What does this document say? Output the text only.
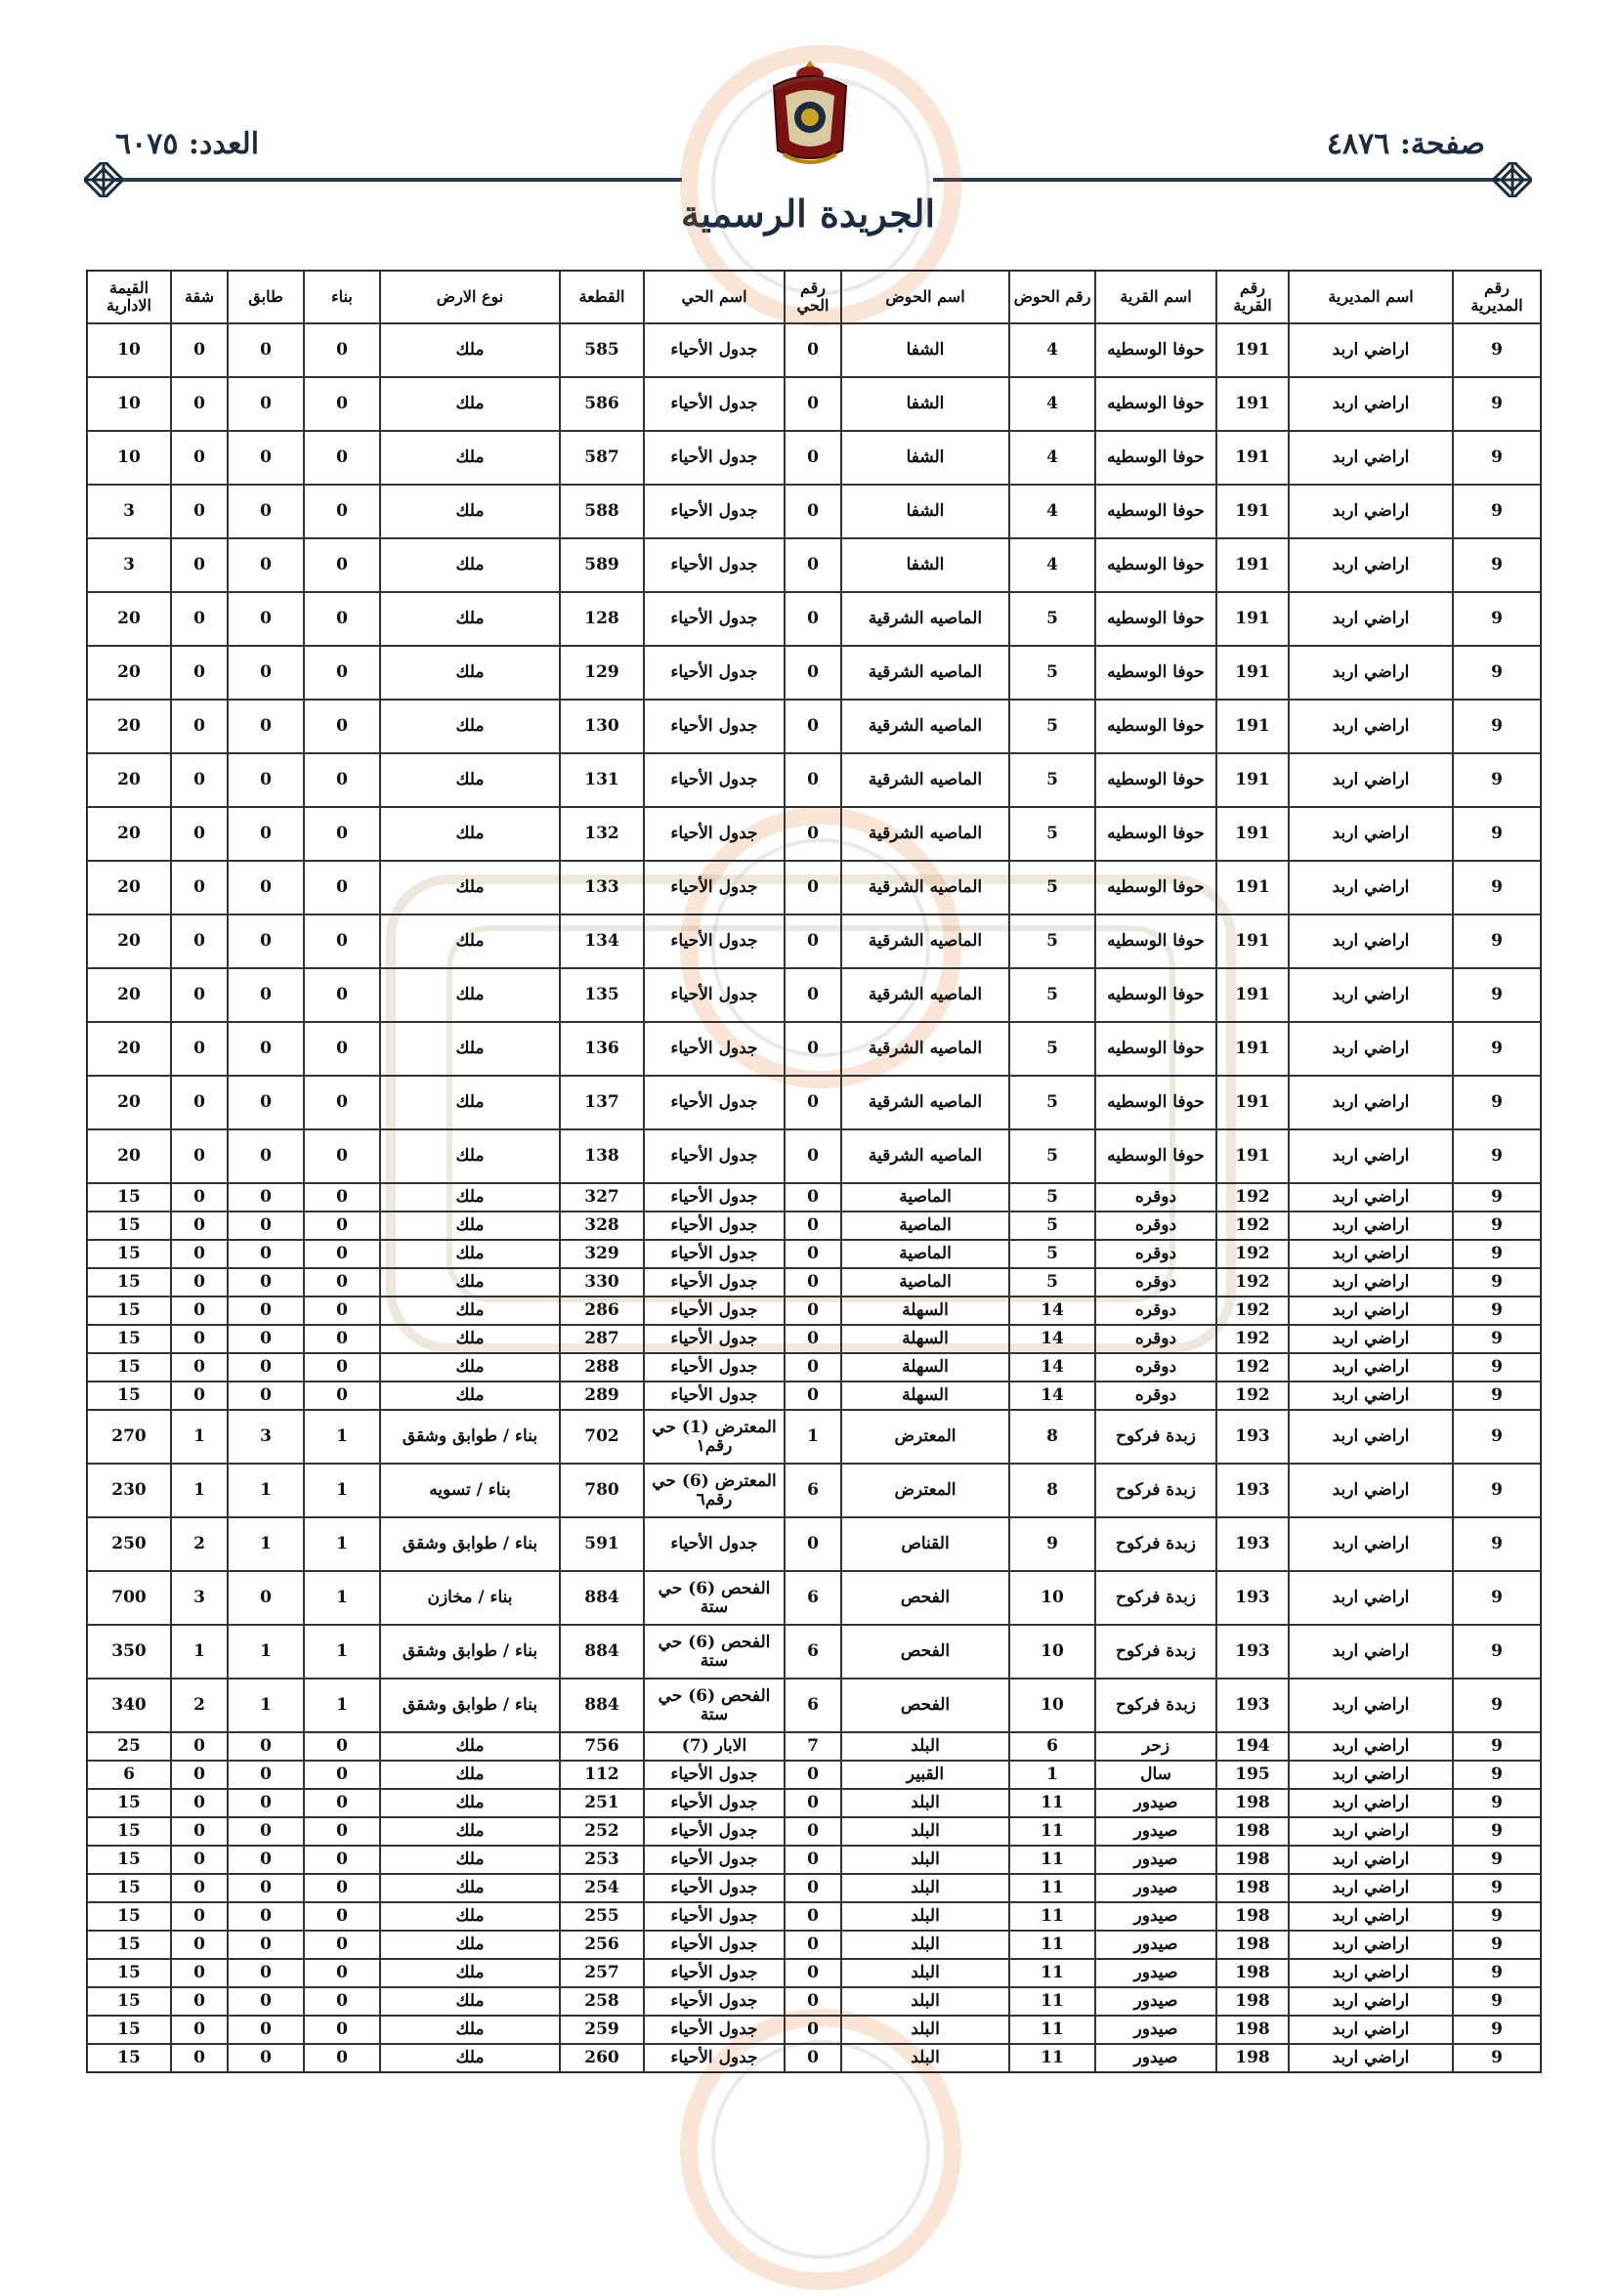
صفحة: ٤٨٧٦
العدد: ٦٠٧٥
الجريدة الرسمية
رقم المديرية	اسم المديرية	رقم القرية	اسم القرية	رقم الحوض	اسم الحوض	رقم الحي	اسم الحي	القطعة	نوع الارض	بناء	طابق	شقة	القيمة الادارية
9	اراضي اربد	191	حوفا الوسطيه	4	الشفا	0	جدول الأحياء	585	ملك	0	0	0	10
9	اراضي اربد	191	حوفا الوسطيه	4	الشفا	0	جدول الأحياء	586	ملك	0	0	0	10
9	اراضي اربد	191	حوفا الوسطيه	4	الشفا	0	جدول الأحياء	587	ملك	0	0	0	10
9	اراضي اربد	191	حوفا الوسطيه	4	الشفا	0	جدول الأحياء	588	ملك	0	0	0	3
9	اراضي اربد	191	حوفا الوسطيه	4	الشفا	0	جدول الأحياء	589	ملك	0	0	0	3
9	اراضي اربد	191	حوفا الوسطيه	5	الماصيه الشرقية	0	جدول الأحياء	128	ملك	0	0	0	20
9	اراضي اربد	191	حوفا الوسطيه	5	الماصيه الشرقية	0	جدول الأحياء	129	ملك	0	0	0	20
9	اراضي اربد	191	حوفا الوسطيه	5	الماصيه الشرقية	0	جدول الأحياء	130	ملك	0	0	0	20
9	اراضي اربد	191	حوفا الوسطيه	5	الماصيه الشرقية	0	جدول الأحياء	131	ملك	0	0	0	20
9	اراضي اربد	191	حوفا الوسطيه	5	الماصيه الشرقية	0	جدول الأحياء	132	ملك	0	0	0	20
9	اراضي اربد	191	حوفا الوسطيه	5	الماصيه الشرقية	0	جدول الأحياء	133	ملك	0	0	0	20
9	اراضي اربد	191	حوفا الوسطيه	5	الماصيه الشرقية	0	جدول الأحياء	134	ملك	0	0	0	20
9	اراضي اربد	191	حوفا الوسطيه	5	الماصيه الشرقية	0	جدول الأحياء	135	ملك	0	0	0	20
9	اراضي اربد	191	حوفا الوسطيه	5	الماصيه الشرقية	0	جدول الأحياء	136	ملك	0	0	0	20
9	اراضي اربد	191	حوفا الوسطيه	5	الماصيه الشرقية	0	جدول الأحياء	137	ملك	0	0	0	20
9	اراضي اربد	191	حوفا الوسطيه	5	الماصيه الشرقية	0	جدول الأحياء	138	ملك	0	0	0	20
9	اراضي اربد	192	دوقره	5	الماصية	0	جدول الأحياء	327	ملك	0	0	0	15
9	اراضي اربد	192	دوقره	5	الماصية	0	جدول الأحياء	328	ملك	0	0	0	15
9	اراضي اربد	192	دوقره	5	الماصية	0	جدول الأحياء	329	ملك	0	0	0	15
9	اراضي اربد	192	دوقره	5	الماصية	0	جدول الأحياء	330	ملك	0	0	0	15
9	اراضي اربد	192	دوقره	14	السهلة	0	جدول الأحياء	286	ملك	0	0	0	15
9	اراضي اربد	192	دوقره	14	السهلة	0	جدول الأحياء	287	ملك	0	0	0	15
9	اراضي اربد	192	دوقره	14	السهلة	0	جدول الأحياء	288	ملك	0	0	0	15
9	اراضي اربد	192	دوقره	14	السهلة	0	جدول الأحياء	289	ملك	0	0	0	15
9	اراضي اربد	193	زبدة فركوح	8	المعترض	1	المعترض (1) حي رقم١	702	بناء / طوابق وشقق	1	3	1	270
9	اراضي اربد	193	زبدة فركوح	8	المعترض	6	المعترض (6) حي رقم٦	780	بناء / تسويه	1	1	1	230
9	اراضي اربد	193	زبدة فركوح	9	القناص	0	جدول الأحياء	591	بناء / طوابق وشقق	1	1	2	250
9	اراضي اربد	193	زبدة فركوح	10	الفحص	6	الفحص (6) حي ستة	884	بناء / مخازن	1	0	3	700
9	اراضي اربد	193	زبدة فركوح	10	الفحص	6	الفحص (6) حي ستة	884	بناء / طوابق وشقق	1	1	1	350
9	اراضي اربد	193	زبدة فركوح	10	الفحص	6	الفحص (6) حي ستة	884	بناء / طوابق وشقق	1	1	2	340
9	اراضي اربد	194	زحر	6	البلد	7	الابار (7)	756	ملك	0	0	0	25
9	اراضي اربد	195	سال	1	القبير	0	جدول الأحياء	112	ملك	0	0	0	6
9	اراضي اربد	198	صيدور	11	البلد	0	جدول الأحياء	251	ملك	0	0	0	15
9	اراضي اربد	198	صيدور	11	البلد	0	جدول الأحياء	252	ملك	0	0	0	15
9	اراضي اربد	198	صيدور	11	البلد	0	جدول الأحياء	253	ملك	0	0	0	15
9	اراضي اربد	198	صيدور	11	البلد	0	جدول الأحياء	254	ملك	0	0	0	15
9	اراضي اربد	198	صيدور	11	البلد	0	جدول الأحياء	255	ملك	0	0	0	15
9	اراضي اربد	198	صيدور	11	البلد	0	جدول الأحياء	256	ملك	0	0	0	15
9	اراضي اربد	198	صيدور	11	البلد	0	جدول الأحياء	257	ملك	0	0	0	15
9	اراضي اربد	198	صيدور	11	البلد	0	جدول الأحياء	258	ملك	0	0	0	15
9	اراضي اربد	198	صيدور	11	البلد	0	جدول الأحياء	259	ملك	0	0	0	15
9	اراضي اربد	198	صيدور	11	البلد	0	جدول الأحياء	260	ملك	0	0	0	15
